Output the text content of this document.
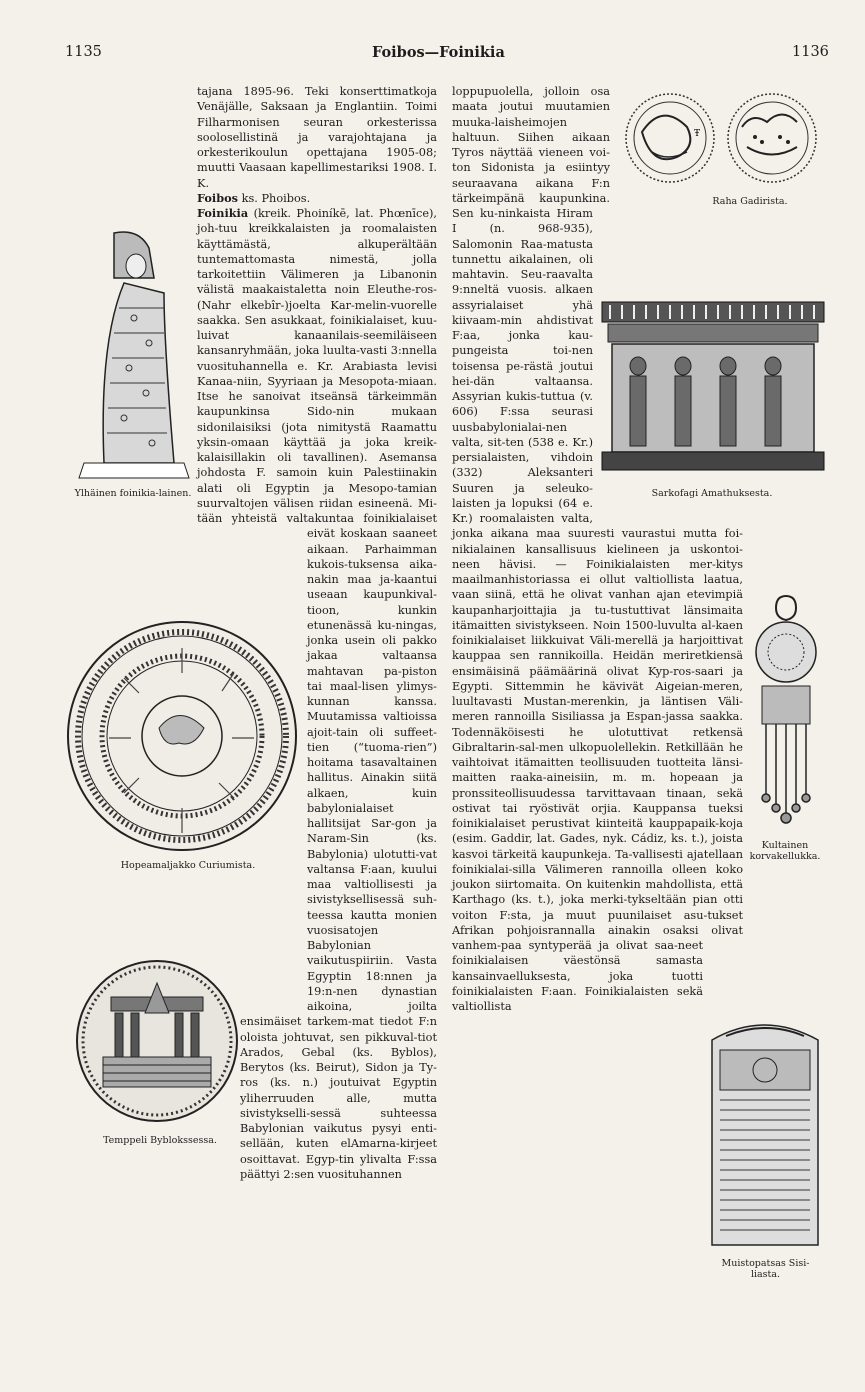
1135	Foibos—Foinikia	1136

tajana 1895-96. Teki konserttimatkoja Venäjälle, Saksaan ja Englantiin. Toimi Filharmonisen seuran orkesterissa soolosellistinä ja varajohtajana ja orkesterikoulun opettajana 1905-08; muutti Vaasaan kapellimestariksi 1908. I. K.

Foibos ks. Phoibos.

Foinikia (kreik. Phoiníkē, lat. Phœnīce), joh-tuu kreikkalaisten ja roomalaisten käyttämästä, alkuperältään tuntemattomasta nimestä, jolla tarkoitettiin Välimeren ja Libanonin välistä maakaistaletta noin Eleuthe-ros-(Nahr elkebîr-)joelta Kar-melin-vuorelle saakka. Sen asukkaat, foinikialaiset, kuu-luivat kanaanilais-seemiläiseen kansanryhmään, joka luulta-vasti 3:nnella vuosituhannella e. Kr. Arabiasta levisi Kanaa-niin, Syyriaan ja Mesopota-miaan. Itse he sanoivat itseänsä tärkeimmän kaupunkinsa Sido-nin mukaan sidonilaisiksi (jota nimitystä Raamattu yksin-omaan käyttää ja joka kreik-kalaisillakin oli tavallinen). Asemansa johdosta F. samoin kuin Palestiinakin alati oli Egyptin ja Mesopo-tamian suurvaltojen välisen riidan esineenä. Mi-tään yhteistä valtakuntaa foinikialaiset eivät koskaan saaneet aikaan. Parhaimman kukois-tuksensa aika-nakin maa ja-kaantui useaan kaupunkival-tioon, kunkin etunenässä ku-ningas, jonka usein oli pakko jakaa valtaansa mahtavan pa-piston tai maal-lisen ylimys-kunnan kanssa. Muutamissa valtioissa ajoit-tain oli suffeet-tien (“tuoma-rien”) hoitama tasavaltainen hallitus. Ainakin siitä alkaen, kuin babylonialaiset hallitsijat Sar-gon ja Naram-Sin (ks. Babylonia) ulotutti-vat valtansa F:aan, kuului maa valtiollisesti ja sivistyksellisessä suh-teessa kautta monien vuosisatojen Babylonian vaikutuspiiriin. Vasta Egyptin 18:nnen ja 19:n-nen dynastian aikoina, joilta ensimäiset tarkem-mat tiedot F:n oloista johtuvat, sen pikkuval-tiot Arados, Gebal (ks. Byblos), Berytos (ks. Beirut), Sidon ja Ty-ros (ks. n.) joutuivat Egyptin yliherruuden alle, mutta sivistykselli-sessä suhteessa Babylonian vaikutus pysyi enti-sellään, kuten elAmarna-kirjeet osoittavat. Egyp-tin ylivalta F:ssa päättyi 2:sen vuosituhannen

loppupuolella, jolloin osa maata joutui muutamien muuka-laisheimojen haltuun. Siihen aikaan Tyros näyttää vieneen voi-ton Sidonista ja esiintyy seuraavana aikana F:n tärkeimpänä kaupunkina. Sen ku-ninkaista Hiram I (n. 968-935), Salomonin Raa-matusta tunnettu aikalainen, oli mahtavin. Seu-raavalta 9:nneltä vuosis. alkaen assyrialaiset yhä kiivaam-min ahdistivat F:aa, jonka kau-pungeista toi-nen toisensa pe-rästä joutui hei-dän valtaansa. Assyrian kukis-tuttua (v. 606) F:ssa seurasi uusbabylonialai-nen valta, sit-ten (538 e. Kr.) persialaisten, vihdoin (332) Aleksanteri Suuren ja seleuko-laisten ja lopuksi (64 e. Kr.) roomalaisten valta, jonka aikana maa suuresti vaurastui mutta foi-nikialainen kansallisuus kielineen ja uskontoi-neen hävisi. — Foinikialaisten mer-kitys maailmanhistoriassa ei ollut valtiollista laatua, vaan siinä, että he olivat vanhan ajan etevimpiä kaupanharjoittajia ja tu-tustuttivat länsimaita itämaitten sivistykseen. Noin 1500-luvulta al-kaen foinikialaiset liikkuivat Väli-merellä ja harjoittivat kauppaa sen rannikoilla. Heidän meriretkiensä ensimäisinä päämäärinä olivat Kyp-ros-saari ja Egypti. Sittemmin he kävivät Aigeian-meren, luultavasti Mustan-merenkin, ja läntisen Väli-meren rannoilla Sisiliassa ja Espan-jassa saakka. Todennäköisesti he ulotuttivat retkensä Gibraltarin-sal-men ulkopuolellekin. Retkillään he vaihtoivat itämaitten teollisuuden tuotteita länsi-maitten raaka-aineisiin, m. m. hopeaan ja pronssiteollisuudessa tarvittavaan tinaan, sekä ostivat tai ryöstivät orjia. Kauppansa tueksi foinikialaiset perustivat kiinteitä kauppapaik-koja (esim. Gaddir, lat. Gades, nyk. Cádiz, ks. t.), joista kasvoi tärkeitä kaupunkeja. Ta-vallisesti ajatellaan foinikialai-silla Välimeren rannoilla olleen koko joukon siirtomaita. On kuitenkin mahdollista, että Karthago (ks. t.), joka merki-tykseltään pian otti voiton F:sta, ja muut puunilaiset asu-tukset Afrikan pohjoisrannalla ainakin osaksi olivat vanhem-paa syntyperää ja olivat saa-neet foinikialaisen väestönsä samasta kansainvaelluksesta, joka tuotti foinikialaisten F:aan. Foinikialaisten sekä valtiollista

Ŧ
Raha Gadirista.
Ylhäinen foinikia-lainen.	Sarkofagi Amathuksesta.
Hopeamaljakko Curiumista.
Kultainen korvakellukka.
Temppeli Byblokssessa.
Muistopatsas Sisi-liasta.
